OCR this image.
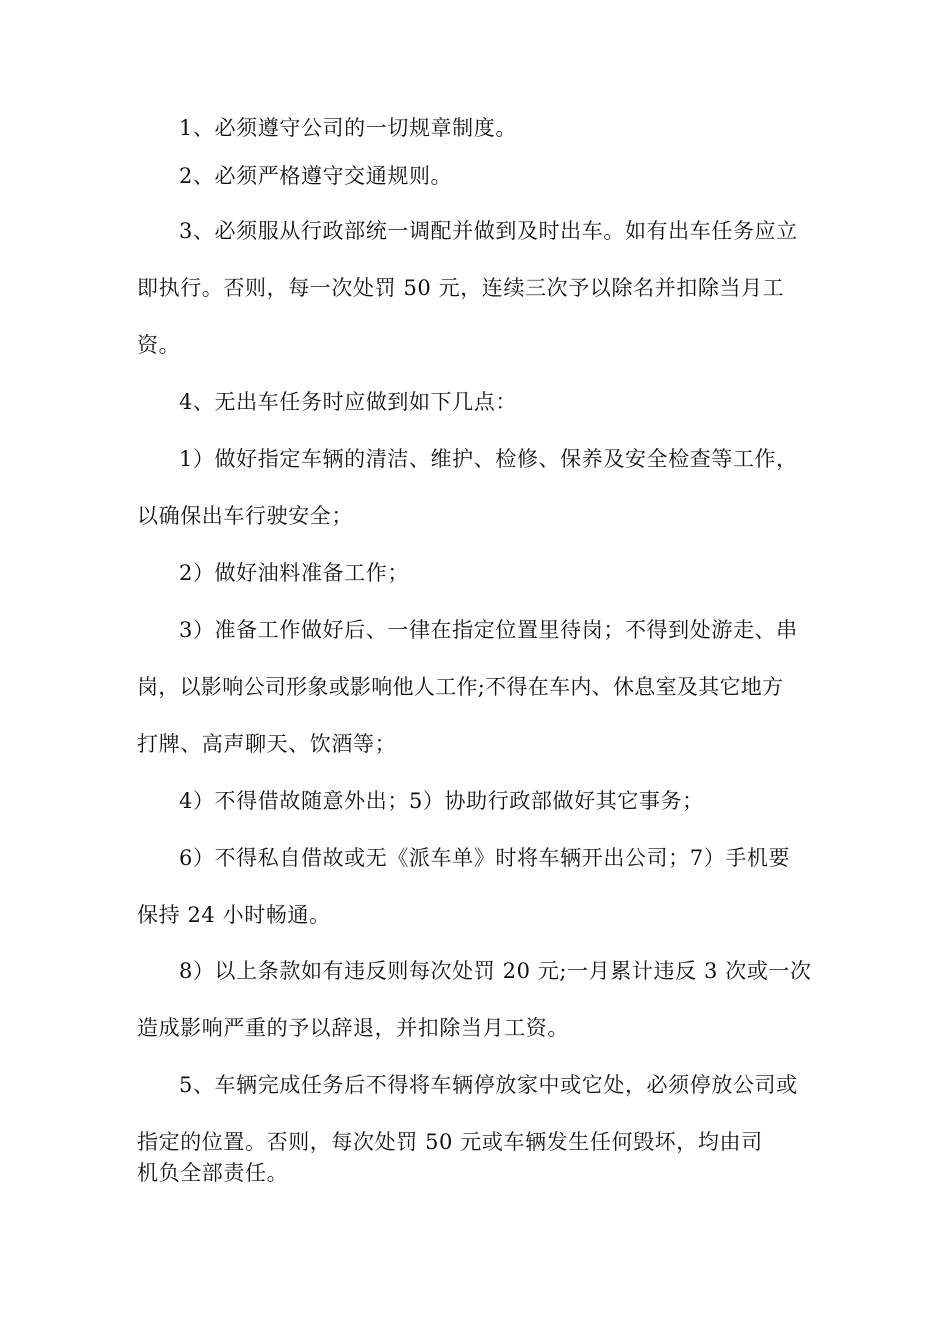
1、必须遵守公司的一切规章制度。
2、必须严格遵守交通规则。
3、必须服从行政部统一调配并做到及时出车。如有出车任务应立
即执行。否则，每一次处罚 50 元，连续三次予以除名并扣除当月工
资。
4、无出车任务时应做到如下几点：
1）做好指定车辆的清洁、维护、检修、保养及安全检查等工作，
以确保出车行驶安全；
2）做好油料准备工作；
3）准备工作做好后、一律在指定位置里待岗；不得到处游走、串
岗，以影响公司形象或影响他人工作;不得在车内、休息室及其它地方
打牌、高声聊天、饮酒等；
4）不得借故随意外出；5）协助行政部做好其它事务；
6）不得私自借故或无《派车单》时将车辆开出公司；7）手机要
保持 24 小时畅通。
8）以上条款如有违反则每次处罚 20 元;一月累计违反 3 次或一次
造成影响严重的予以辞退，并扣除当月工资。
5、车辆完成任务后不得将车辆停放家中或它处，必须停放公司或
指定的位置。否则，每次处罚 50 元或车辆发生任何毁坏，均由司
机负全部责任。
